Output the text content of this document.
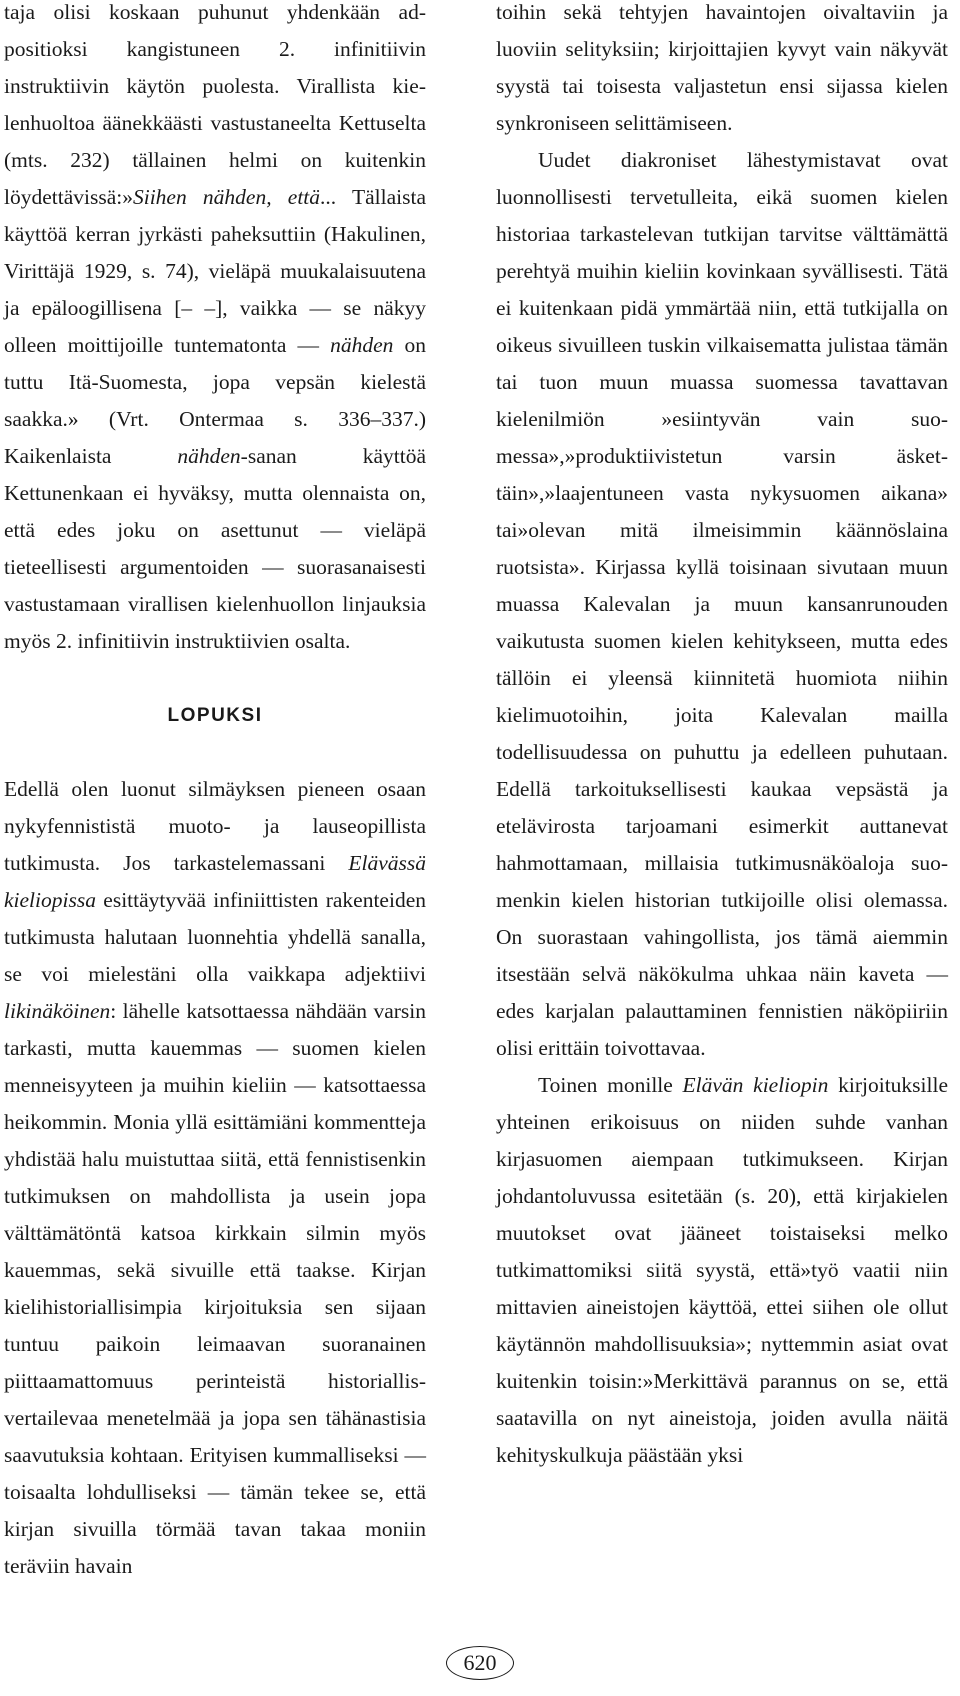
taja olisi koskaan puhunut yhdenkään adpositioksi kangistuneen 2. infinitiivin instruktiivin käytön puolesta. Virallista kielenhuoltoa äänekkäästi vastustaneelta Kettuselta (mts. 232) tällainen helmi on kuitenkin löydettävissä:»Siihen nähden, että... Tällaista käyttöä kerran jyrkästi paheksuttiin (Hakulinen, Virittäjä 1929, s. 74), vieläpä muukalaisuutena ja epäloogillisena [– –], vaikka — se näkyy olleen moittijoille tuntematonta — nähden on tuttu Itä-Suomesta, jopa vepsän kielestä saakka.» (Vrt. Ontermaa s. 336–337.) Kaikenlaista nähden-sanan käyttöä Kettunenkaan ei hyväksy, mutta olennaista on, että edes joku on asettunut — vieläpä tieteellisesti argumentoiden — suorasanaisesti vastustamaan virallisen kielenhuollon linjauksia myös 2. infinitiivin instruktiivien osalta.

LOPUKSI

Edellä olen luonut silmäyksen pieneen osaan nykyfennististä muoto- ja lauseopillista tutkimusta. Jos tarkastelemassani Elävässä kieliopissa esittäytyvää infiniittisten rakenteiden tutkimusta halutaan luonnehtia yhdellä sanalla, se voi mielestäni olla vaikkapa adjektiivi likinäköinen: lähelle katsottaessa nähdään varsin tarkasti, mutta kauemmas — suomen kielen menneisyyteen ja muihin kieliin — katsottaessa heikommin. Monia yllä esittämiäni kommentteja yhdistää halu muistuttaa siitä, että fennistisenkin tutkimuksen on mahdollista ja usein jopa välttämätöntä katsoa kirkkain silmin myös kauemmas, sekä sivuille että taakse. Kirjan kielihistoriallisimpia kirjoituksia sen sijaan tuntuu paikoin leimaavan suoranainen piittaamattomuus perinteistä historiallis-vertailevaa menetelmää ja jopa sen tähänastisia saavutuksia kohtaan. Erityisen kummalliseksi — toisaalta lohdulliseksi — tämän tekee se, että kirjan sivuilla törmää tavan takaa moniin teräviin havain

toihin sekä tehtyjen havaintojen oivaltaviin ja luoviin selityksiin; kirjoittajien kyvyt vain näkyvät syystä tai toisesta valjastetun ensi sijassa kielen synkroniseen selittämiseen.

Uudet diakroniset lähestymistavat ovat luonnollisesti tervetulleita, eikä suomen kielen historiaa tarkastelevan tutkijan tarvitse välttämättä perehtyä muihin kieliin kovinkaan syvällisesti. Tätä ei kuitenkaan pidä ymmärtää niin, että tutkijalla on oikeus sivuilleen tuskin vilkaisematta julistaa tämän tai tuon muun muassa suomessa tavattavan kielenilmiön »esiintyvän vain suomessa»,»produktiivistetun varsin äskettäin»,»laajentuneen vasta nykysuomen aikana» tai»olevan mitä ilmeisimmin käännöslaina ruotsista». Kirjassa kyllä toisinaan sivutaan muun muassa Kalevalan ja muun kansanrunouden vaikutusta suomen kielen kehitykseen, mutta edes tällöin ei yleensä kiinnitetä huomiota niihin kielimuotoihin, joita Kalevalan mailla todellisuudessa on puhuttu ja edelleen puhutaan. Edellä tarkoituksellisesti kaukaa vepsästä ja etelävirosta tarjoamani esimerkit auttanevat hahmottamaan, millaisia tutkimusnäköaloja suomenkin kielen historian tutkijoille olisi olemassa. On suorastaan vahingollista, jos tämä aiemmin itsestään selvä näkökulma uhkaa näin kaveta — edes karjalan palauttaminen fennistien näköpiiriin olisi erittäin toivottavaa.

Toinen monille Elävän kieliopin kirjoituksille yhteinen erikoisuus on niiden suhde vanhan kirjasuomen aiempaan tutkimukseen. Kirjan johdantoluvussa esitetään (s. 20), että kirjakielen muutokset ovat jääneet toistaiseksi melko tutkimattomiksi siitä syystä, että»työ vaatii niin mittavien aineistojen käyttöä, ettei siihen ole ollut käytännön mahdollisuuksia»; nyttemmin asiat ovat kuitenkin toisin:»Merkittävä parannus on se, että saatavilla on nyt aineistoja, joiden avulla näitä kehityskulkuja päästään yksi

620
